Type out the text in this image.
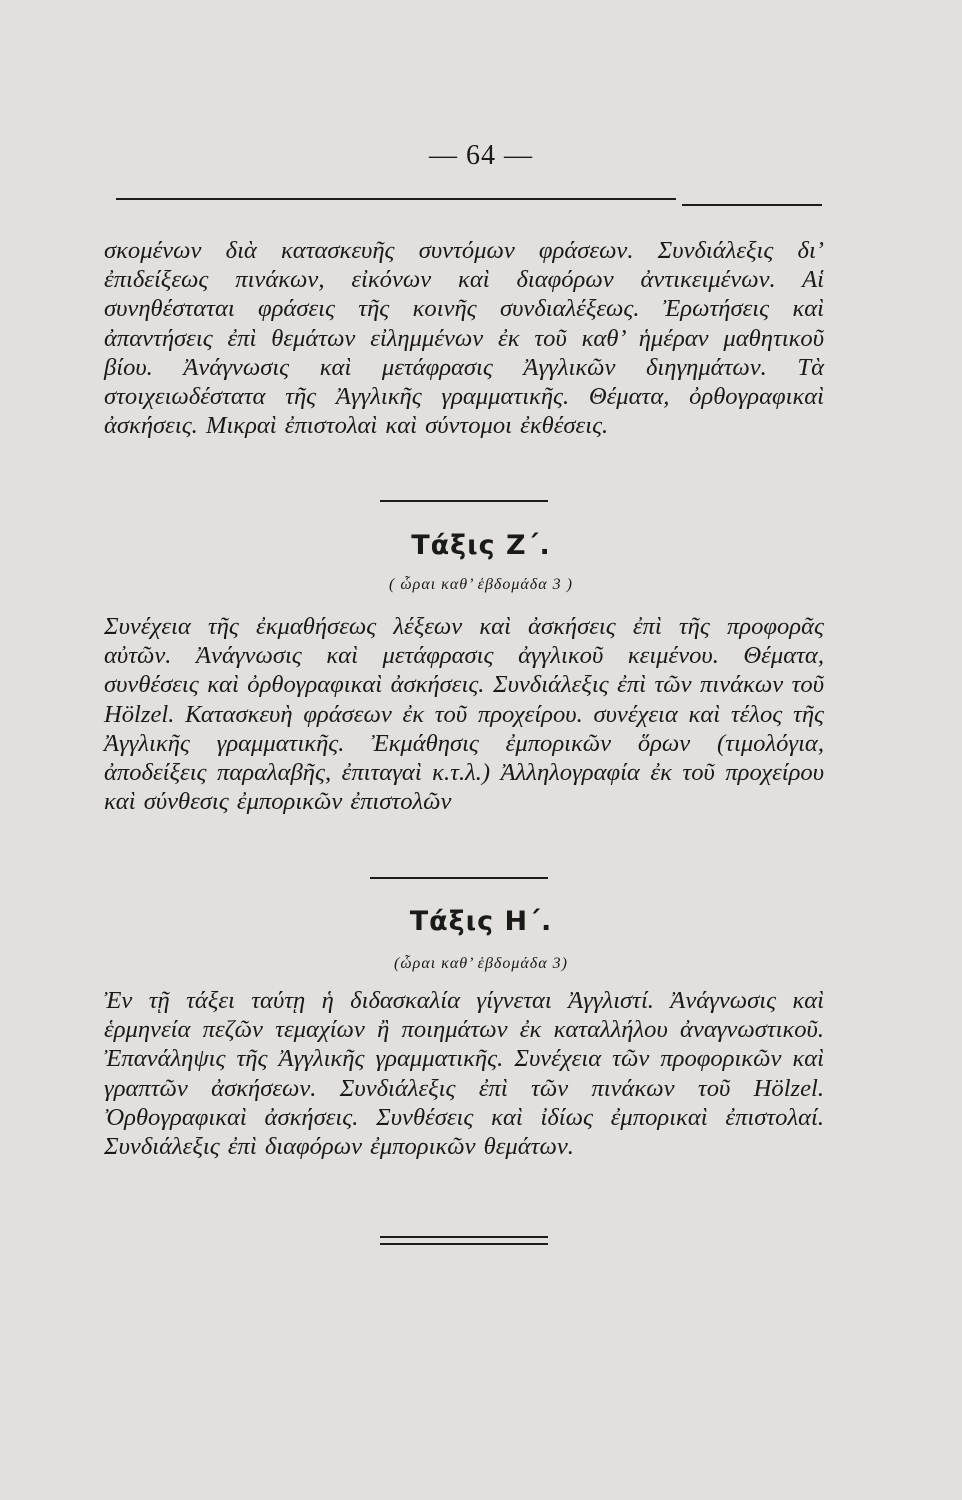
— 64 —

σκομένων διὰ κατασκευῆς συντόμων φράσεων. Συνδιάλεξις δι’ ἐπιδείξεως πινάκων, εἰκόνων καὶ διαφόρων ἀντικειμένων. Αἱ συνηθέσταται φράσεις τῆς κοινῆς συνδιαλέξεως. Ἐρωτήσεις καὶ ἀπαντήσεις ἐπὶ θεμάτων εἰλημμένων ἐκ τοῦ καθ’ ἡμέραν μαθητικοῦ βίου. Ἀνάγνωσις καὶ μετάφρασις Ἀγγλικῶν διηγημάτων. Τὰ στοιχειωδέστατα τῆς Ἀγγλικῆς γραμματικῆς. Θέματα, ὀρθογραφικαὶ ἀσκήσεις. Μικραὶ ἐπιστολαὶ καὶ σύντομοι ἐκθέσεις.

Τάξις Ζ΄.
( ὧραι καθ’ ἑβδομάδα 3 )

Συνέχεια τῆς ἐκμαθήσεως λέξεων καὶ ἀσκήσεις ἐπὶ τῆς προφορᾶς αὐτῶν. Ἀνάγνωσις καὶ μετάφρασις ἀγγλικοῦ κειμένου. Θέματα, συνθέσεις καὶ ὀρθογραφικαὶ ἀσκήσεις. Συνδιάλεξις ἐπὶ τῶν πινάκων τοῦ Hölzel. Κατασκευὴ φράσεων ἐκ τοῦ προχείρου. συνέχεια καὶ τέλος τῆς Ἀγγλικῆς γραμματικῆς. Ἐκμάθησις ἐμπορικῶν ὅρων (τιμολόγια, ἀποδείξεις παραλαβῆς, ἐπιταγαὶ κ.τ.λ.) Ἀλληλογραφία ἐκ τοῦ προχείρου καὶ σύνθεσις ἐμπορικῶν ἐπιστολῶν

Τάξις Η΄.
(ὧραι καθ’ ἑβδομάδα 3)

Ἐν τῇ τάξει ταύτῃ ἡ διδασκαλία γίγνεται Ἀγγλιστί. Ἀνάγνωσις καὶ ἑρμηνεία πεζῶν τεμαχίων ἢ ποιημάτων ἐκ καταλλήλου ἀναγνωστικοῦ. Ἐπανάληψις τῆς Ἀγγλικῆς γραμματικῆς. Συνέχεια τῶν προφορικῶν καὶ γραπτῶν ἀσκήσεων. Συνδιάλεξις ἐπὶ τῶν πινάκων τοῦ Hölzel. Ὀρθογραφικαὶ ἀσκήσεις. Συνθέσεις καὶ ἰδίως ἐμπορικαὶ ἐπιστολαί. Συνδιάλεξις ἐπὶ διαφόρων ἐμπορικῶν θεμάτων.
